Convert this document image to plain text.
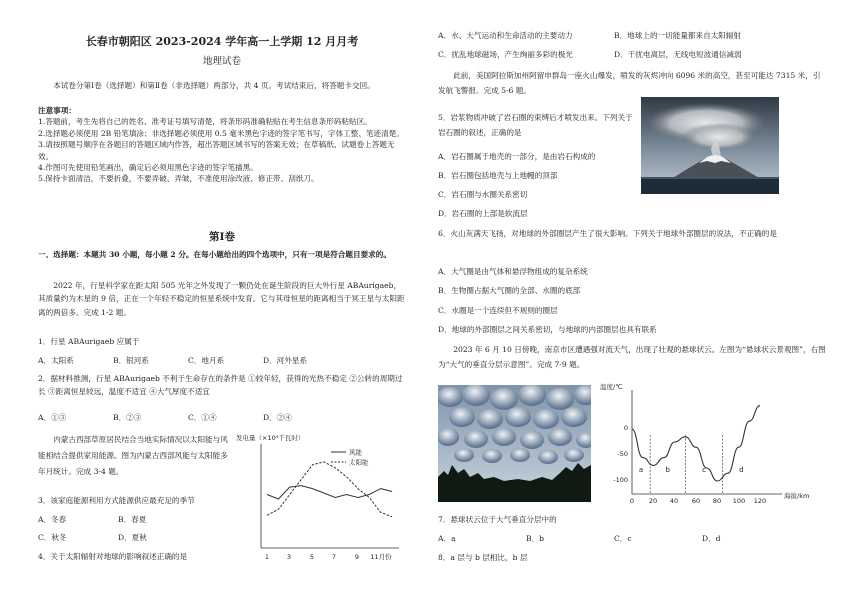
长春市朝阳区 2023-2024 学年高一上学期 12 月月考
地理试卷

本试卷分第Ⅰ卷（选择题）和第Ⅱ卷（非选择题）两部分，共 4 页。考试结束后，将答题卡交回。

注意事项：

1.答题前，考生先将自己的姓名、准考证号填写清楚，将条形码准确粘贴在考生信息条形码粘贴区。

2.选择题必须使用 2B 铅笔填涂；非选择题必须使用 0.5 毫米黑色字迹的签字笔书写，字体工整、笔迹清楚。

3.请按照题号顺序在各题目的答题区域内作答，超出答题区域书写的答案无效；在草稿纸、试题卷上答题无效。

4.作图可先使用铅笔画出，确定后必须用黑色字迹的签字笔描黑。

5.保持卡面清洁，不要折叠，不要弄破、弄皱，不准使用涂改液、修正带、刮纸刀。

第Ⅰ卷

一、选择题：本题共 30 小题，每小题 2 分。在每小题给出的四个选项中，只有一项是符合题目要求的。

2022 年，行星科学家在距太阳 505 光年之外发现了一颗仍处在诞生阶段的巨大外行星 ABAurigaeb，其质量约为木星的 9 倍，正在一个年轻不稳定的恒星系统中发育。它与其母恒星的距离相当于冥王星与太阳距离的两倍多。完成 1-2 题。

1．行星 ABAurigaeb 应属于

A．太阳系	B．银河系	C．地月系	D．河外星系

2．据材料推测，行星 ABAurigaeb 不利于生命存在的条件是 ①较年轻，获得的光热不稳定 ②公转的周期过长 ③距离恒星较远，温度不适宜 ④大气厚度不适宜

A．①③	B．②③	C．①④	D．②④

内蒙古西部草原居民结合当地实际情况以太阳能与风能相结合提供家用能源。图为内蒙古西部风能与太阳能多年月统计。完成 3-4 题。

3．该家庭能源利用方式能源供应最充足的季节

A．冬春	B．春夏
C．秋冬	D．夏秋

4．关于太阳辐射对地球的影响叙述正确的是

发电量（×10⁴千瓦时）
风能
太阳能
1	3	5	7	9 11月份
A．水、大气运动和生命活动的主要动力	B．地球上的一切能量都来自太阳辐射
C．扰乱地球磁场，产生绚丽多彩的极光	D．干扰电离层，无线电短波通信减弱

此前，美国阿拉斯加州阿留申群岛一座火山爆发，喷发的灰烬冲向 6096 米的高空，甚至可能达 7315 米，引发航飞警报。完成 5-6 题。

5．岩浆物质冲破了岩石圈的束缚后才喷发出来。下列关于岩石圈的叙述，正确的是

A．岩石圈属于地壳的一部分，是由岩石构成的

B．岩石圈包括地壳与上地幔的顶部

C．岩石圈与水圈关系密切

D．岩石圈的上部是软流层

6．火山灰满天飞扬，对地球的外部圈层产生了很大影响。下列关于地球外部圈层的说法，不正确的是

A．大气圈是由气体和悬浮物组成的复杂系统

B．生物圈占据大气圈的全部、水圈的底部

C．水圈是一个连续但不规则的圈层

D．地球的外部圈层之间关系密切，与地球的内部圈层也具有联系

2023 年 6 月 10 日傍晚，南京市区遭遇强对流天气，出现了壮观的悬球状云。左图为“悬球状云景观图”，右图为“大气的垂直分层示意图”。完成 7-9 题。

温度/℃
海拔/km
0
-50
-100
0 20 40 60 80 100 120
a	b	c	d

7．悬球状云位于大气垂直分层中的

A．a	B．b	C．c	D．d

8．a 层与 b 层相比，b 层
